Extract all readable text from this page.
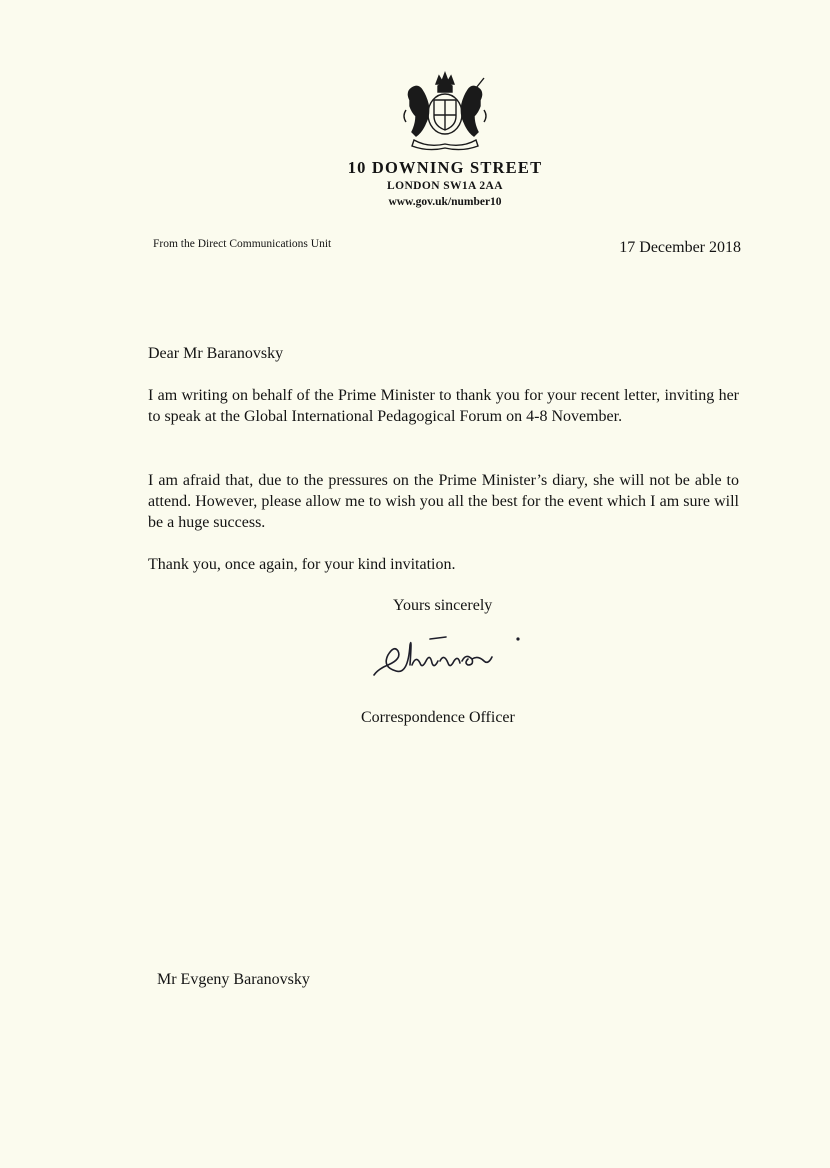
10 DOWNING STREET
LONDON SW1A 2AA
www.gov.uk/number10
From the Direct Communications Unit	17 December 2018
Dear Mr Baranovsky

I am writing on behalf of the Prime Minister to thank you for your recent letter, inviting her to speak at the Global International Pedagogical Forum on 4-8 November.

I am afraid that, due to the pressures on the Prime Minister’s diary, she will not be able to attend. However, please allow me to wish you all the best for the event which I am sure will be a huge success.

Thank you, once again, for your kind invitation.

Yours sincerely
Correspondence Officer
Mr Evgeny Baranovsky
